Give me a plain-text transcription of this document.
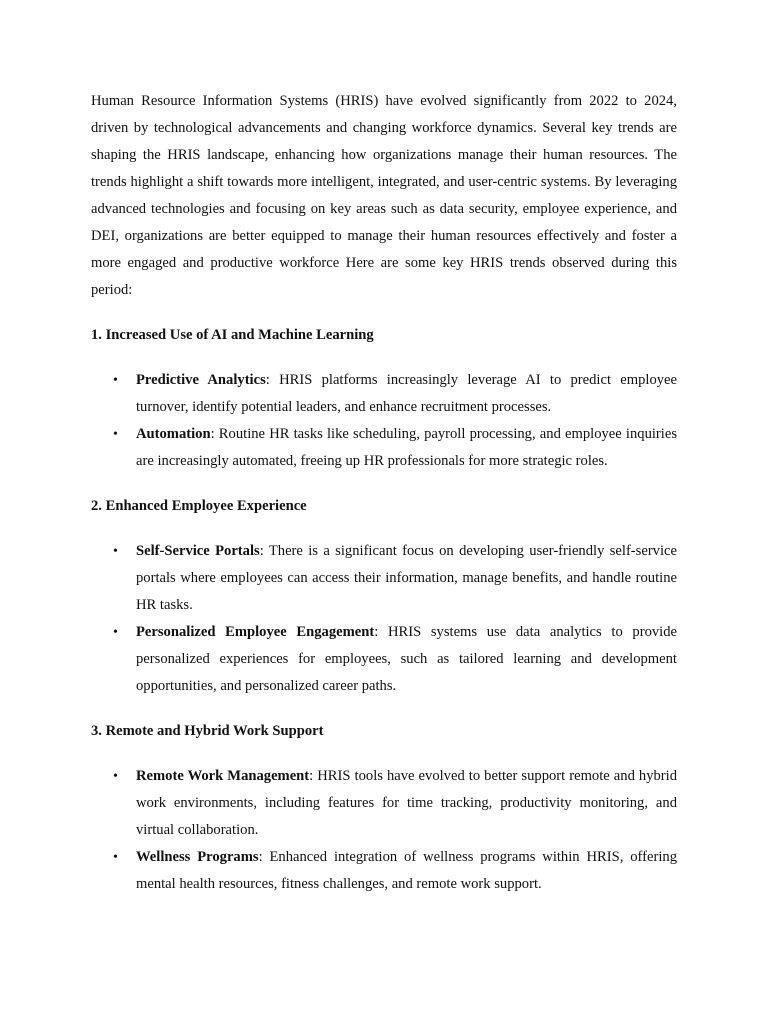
Human Resource Information Systems (HRIS) have evolved significantly from 2022 to 2024, driven by technological advancements and changing workforce dynamics. Several key trends are shaping the HRIS landscape, enhancing how organizations manage their human resources. The trends highlight a shift towards more intelligent, integrated, and user-centric systems. By leveraging advanced technologies and focusing on key areas such as data security, employee experience, and DEI, organizations are better equipped to manage their human resources effectively and foster a more engaged and productive workforce Here are some key HRIS trends observed during this period:

1. Increased Use of AI and Machine Learning

• Predictive Analytics: HRIS platforms increasingly leverage AI to predict employee turnover, identify potential leaders, and enhance recruitment processes.
• Automation: Routine HR tasks like scheduling, payroll processing, and employee inquiries are increasingly automated, freeing up HR professionals for more strategic roles.

2. Enhanced Employee Experience

• Self-Service Portals: There is a significant focus on developing user-friendly self-service portals where employees can access their information, manage benefits, and handle routine HR tasks.
• Personalized Employee Engagement: HRIS systems use data analytics to provide personalized experiences for employees, such as tailored learning and development opportunities, and personalized career paths.

3. Remote and Hybrid Work Support

• Remote Work Management: HRIS tools have evolved to better support remote and hybrid work environments, including features for time tracking, productivity monitoring, and virtual collaboration.
• Wellness Programs: Enhanced integration of wellness programs within HRIS, offering mental health resources, fitness challenges, and remote work support.
